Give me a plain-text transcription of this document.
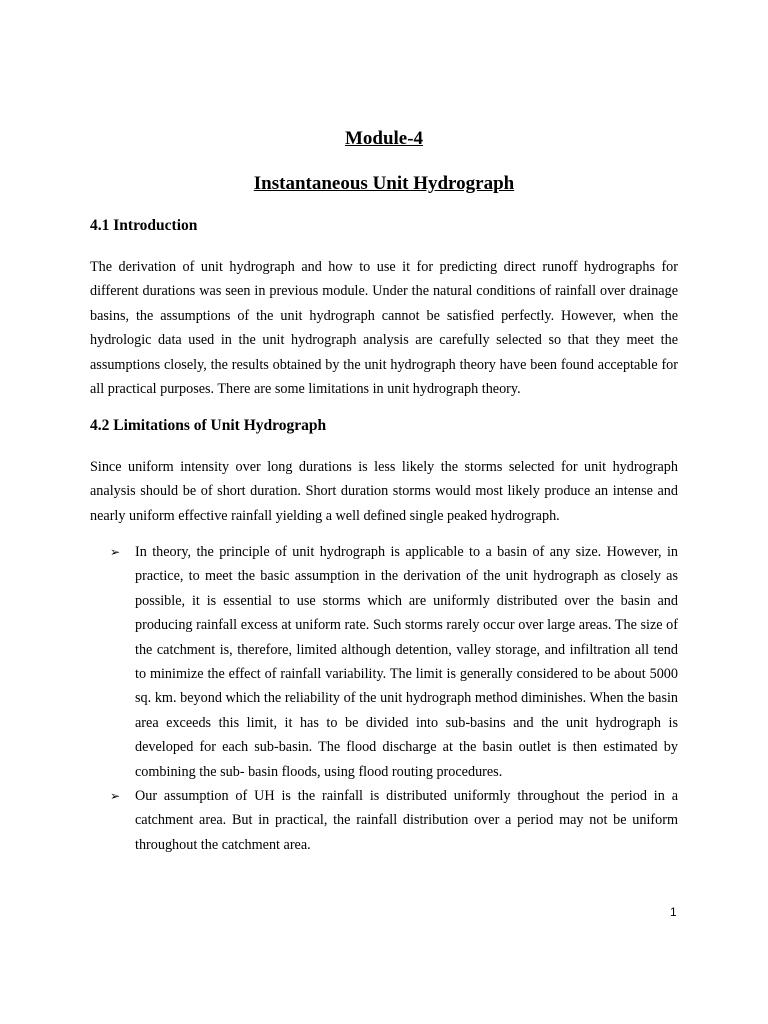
Module-4
Instantaneous Unit Hydrograph
4.1 Introduction

The derivation of unit hydrograph and how to use it for predicting direct runoff hydrographs for different durations was seen in previous module. Under the natural conditions of rainfall over drainage basins, the assumptions of the unit hydrograph cannot be satisfied perfectly. However, when the hydrologic data used in the unit hydrograph analysis are carefully selected so that they meet the assumptions closely, the results obtained by the unit hydrograph theory have been found acceptable for all practical purposes. There are some limitations in unit hydrograph theory.

4.2 Limitations of Unit Hydrograph

Since uniform intensity over long durations is less likely the storms selected for unit hydrograph analysis should be of short duration. Short duration storms would most likely produce an intense and nearly uniform effective rainfall yielding a well defined single peaked hydrograph.

➢ In theory, the principle of unit hydrograph is applicable to a basin of any size. However, in practice, to meet the basic assumption in the derivation of the unit hydrograph as closely as possible, it is essential to use storms which are uniformly distributed over the basin and producing rainfall excess at uniform rate. Such storms rarely occur over large areas. The size of the catchment is, therefore, limited although detention, valley storage, and infiltration all tend to minimize the effect of rainfall variability. The limit is generally considered to be about 5000 sq. km. beyond which the reliability of the unit hydrograph method diminishes. When the basin area exceeds this limit, it has to be divided into sub-basins and the unit hydrograph is developed for each sub-basin. The flood discharge at the basin outlet is then estimated by combining the sub- basin floods, using flood routing procedures.
➢ Our assumption of UH is the rainfall is distributed uniformly throughout the period in a catchment area. But in practical, the rainfall distribution over a period may not be uniform throughout the catchment area.
1
